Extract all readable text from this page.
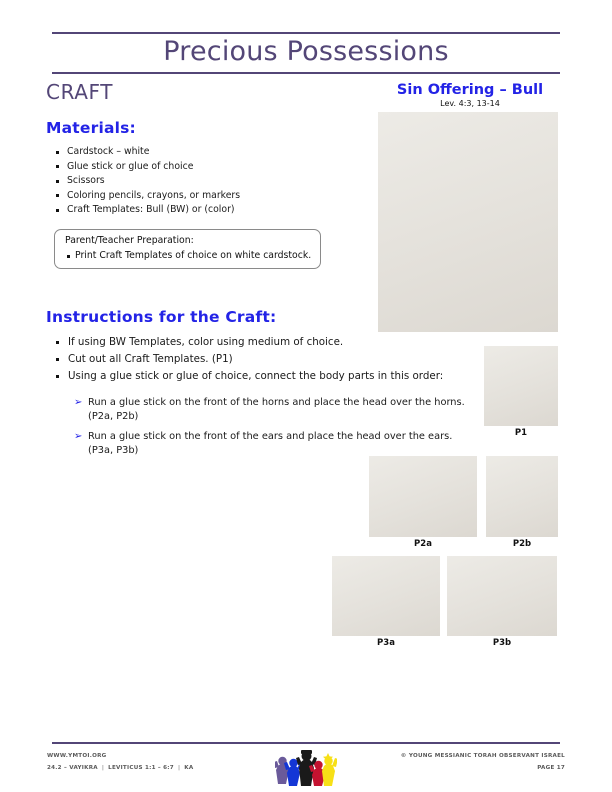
Precious Possessions
CRAFT	Sin Offering – Bull
Lev. 4:3, 13-14
Materials:
Cardstock – white
Glue stick or glue of choice
Scissors
Coloring pencils, crayons, or markers
Craft Templates: Bull (BW) or (color)
Parent/Teacher Preparation:
Print Craft Templates of choice on white cardstock.
Instructions for the Craft:
If using BW Templates, color using medium of choice.
Cut out all Craft Templates. (P1)
Using a glue stick or glue of choice, connect the body parts in this order:
➢ Run a glue stick on the front of the horns and place the head over the horns. (P2a, P2b)
➢ Run a glue stick on the front of the ears and place the head over the ears. (P3a, P3b)
P1
P2a	P2b
P3a	P3b
WWW.YMTOI.ORG
24.2 – VAYIKRA | LEVITICUS 1:1 – 6:7 | KA
© YOUNG MESSIANIC TORAH OBSERVANT ISRAEL
PAGE 17
